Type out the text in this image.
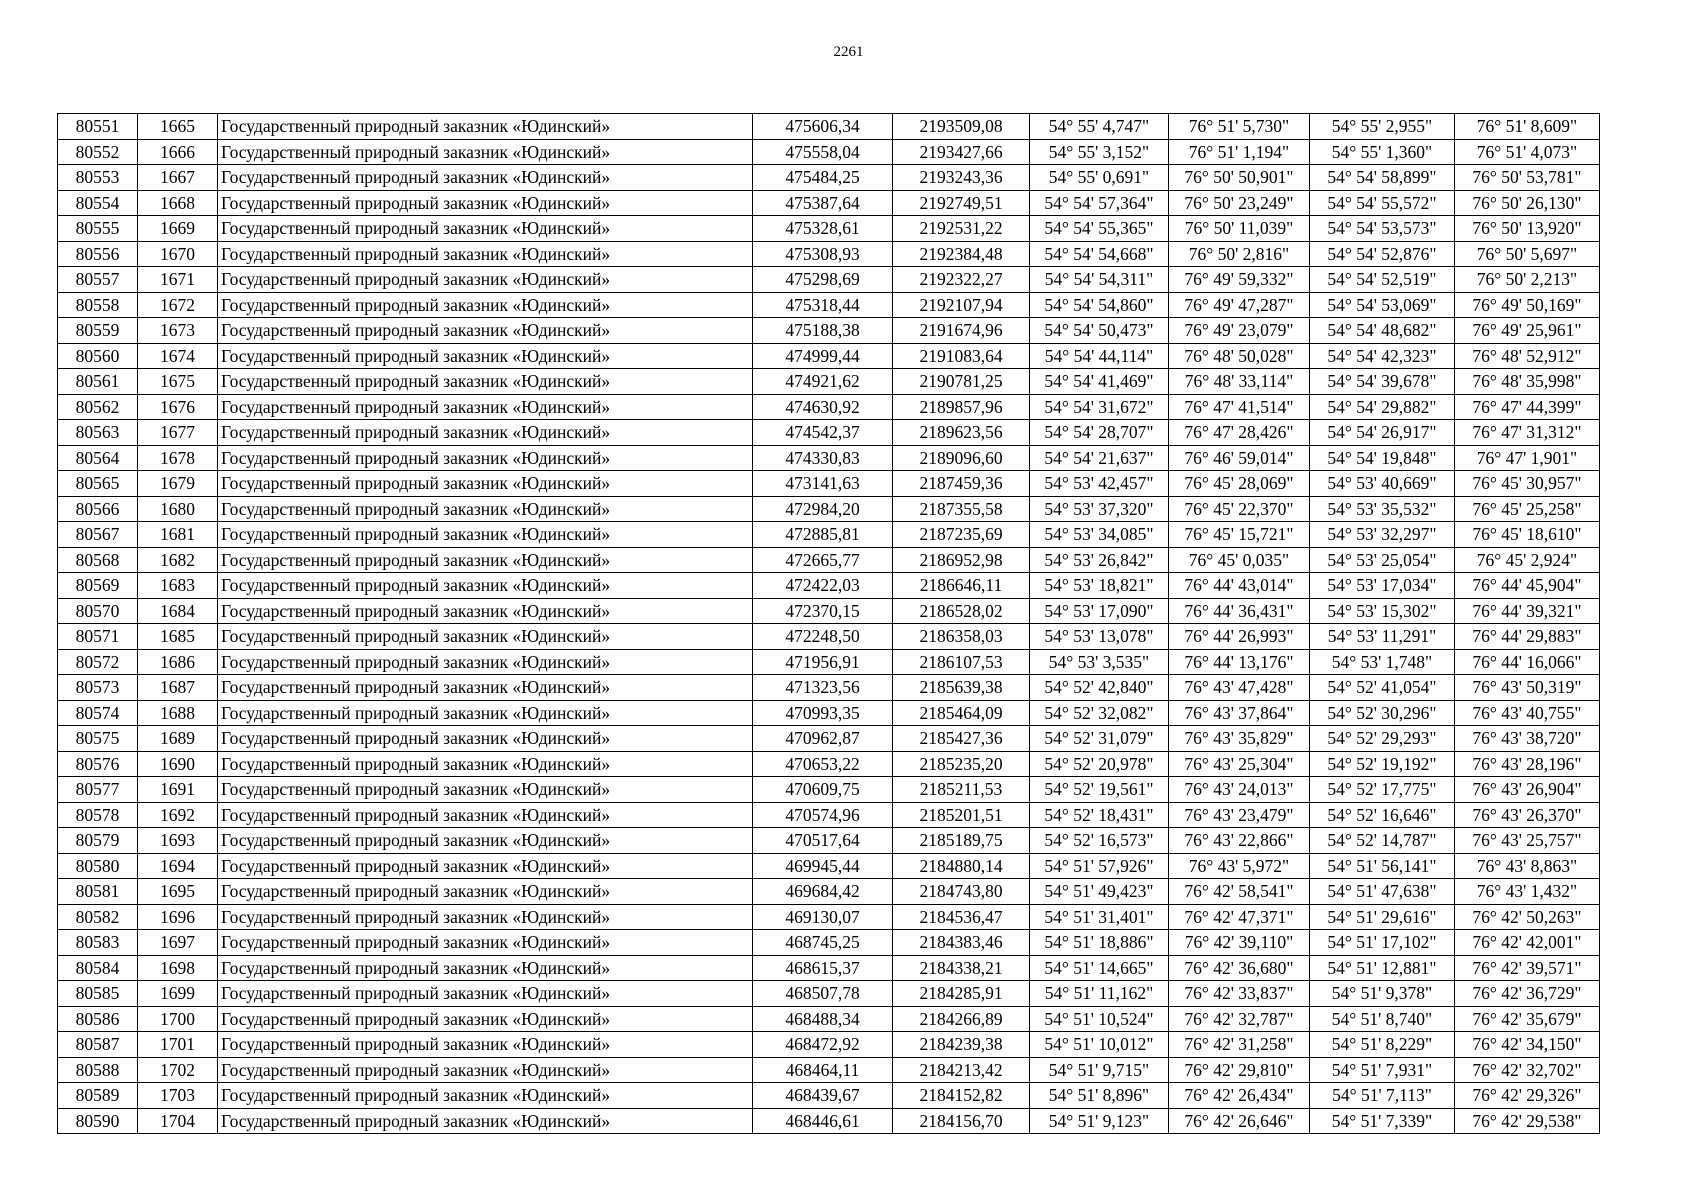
2261
80551	1665	Государственный природный заказник «Юдинский»	475606,34	2193509,08	54° 55' 4,747"	76° 51' 5,730"	54° 55' 2,955"	76° 51' 8,609"
80552	1666	Государственный природный заказник «Юдинский»	475558,04	2193427,66	54° 55' 3,152"	76° 51' 1,194"	54° 55' 1,360"	76° 51' 4,073"
80553	1667	Государственный природный заказник «Юдинский»	475484,25	2193243,36	54° 55' 0,691"	76° 50' 50,901"	54° 54' 58,899"	76° 50' 53,781"
80554	1668	Государственный природный заказник «Юдинский»	475387,64	2192749,51	54° 54' 57,364"	76° 50' 23,249"	54° 54' 55,572"	76° 50' 26,130"
80555	1669	Государственный природный заказник «Юдинский»	475328,61	2192531,22	54° 54' 55,365"	76° 50' 11,039"	54° 54' 53,573"	76° 50' 13,920"
80556	1670	Государственный природный заказник «Юдинский»	475308,93	2192384,48	54° 54' 54,668"	76° 50' 2,816"	54° 54' 52,876"	76° 50' 5,697"
80557	1671	Государственный природный заказник «Юдинский»	475298,69	2192322,27	54° 54' 54,311"	76° 49' 59,332"	54° 54' 52,519"	76° 50' 2,213"
80558	1672	Государственный природный заказник «Юдинский»	475318,44	2192107,94	54° 54' 54,860"	76° 49' 47,287"	54° 54' 53,069"	76° 49' 50,169"
80559	1673	Государственный природный заказник «Юдинский»	475188,38	2191674,96	54° 54' 50,473"	76° 49' 23,079"	54° 54' 48,682"	76° 49' 25,961"
80560	1674	Государственный природный заказник «Юдинский»	474999,44	2191083,64	54° 54' 44,114"	76° 48' 50,028"	54° 54' 42,323"	76° 48' 52,912"
80561	1675	Государственный природный заказник «Юдинский»	474921,62	2190781,25	54° 54' 41,469"	76° 48' 33,114"	54° 54' 39,678"	76° 48' 35,998"
80562	1676	Государственный природный заказник «Юдинский»	474630,92	2189857,96	54° 54' 31,672"	76° 47' 41,514"	54° 54' 29,882"	76° 47' 44,399"
80563	1677	Государственный природный заказник «Юдинский»	474542,37	2189623,56	54° 54' 28,707"	76° 47' 28,426"	54° 54' 26,917"	76° 47' 31,312"
80564	1678	Государственный природный заказник «Юдинский»	474330,83	2189096,60	54° 54' 21,637"	76° 46' 59,014"	54° 54' 19,848"	76° 47' 1,901"
80565	1679	Государственный природный заказник «Юдинский»	473141,63	2187459,36	54° 53' 42,457"	76° 45' 28,069"	54° 53' 40,669"	76° 45' 30,957"
80566	1680	Государственный природный заказник «Юдинский»	472984,20	2187355,58	54° 53' 37,320"	76° 45' 22,370"	54° 53' 35,532"	76° 45' 25,258"
80567	1681	Государственный природный заказник «Юдинский»	472885,81	2187235,69	54° 53' 34,085"	76° 45' 15,721"	54° 53' 32,297"	76° 45' 18,610"
80568	1682	Государственный природный заказник «Юдинский»	472665,77	2186952,98	54° 53' 26,842"	76° 45' 0,035"	54° 53' 25,054"	76° 45' 2,924"
80569	1683	Государственный природный заказник «Юдинский»	472422,03	2186646,11	54° 53' 18,821"	76° 44' 43,014"	54° 53' 17,034"	76° 44' 45,904"
80570	1684	Государственный природный заказник «Юдинский»	472370,15	2186528,02	54° 53' 17,090"	76° 44' 36,431"	54° 53' 15,302"	76° 44' 39,321"
80571	1685	Государственный природный заказник «Юдинский»	472248,50	2186358,03	54° 53' 13,078"	76° 44' 26,993"	54° 53' 11,291"	76° 44' 29,883"
80572	1686	Государственный природный заказник «Юдинский»	471956,91	2186107,53	54° 53' 3,535"	76° 44' 13,176"	54° 53' 1,748"	76° 44' 16,066"
80573	1687	Государственный природный заказник «Юдинский»	471323,56	2185639,38	54° 52' 42,840"	76° 43' 47,428"	54° 52' 41,054"	76° 43' 50,319"
80574	1688	Государственный природный заказник «Юдинский»	470993,35	2185464,09	54° 52' 32,082"	76° 43' 37,864"	54° 52' 30,296"	76° 43' 40,755"
80575	1689	Государственный природный заказник «Юдинский»	470962,87	2185427,36	54° 52' 31,079"	76° 43' 35,829"	54° 52' 29,293"	76° 43' 38,720"
80576	1690	Государственный природный заказник «Юдинский»	470653,22	2185235,20	54° 52' 20,978"	76° 43' 25,304"	54° 52' 19,192"	76° 43' 28,196"
80577	1691	Государственный природный заказник «Юдинский»	470609,75	2185211,53	54° 52' 19,561"	76° 43' 24,013"	54° 52' 17,775"	76° 43' 26,904"
80578	1692	Государственный природный заказник «Юдинский»	470574,96	2185201,51	54° 52' 18,431"	76° 43' 23,479"	54° 52' 16,646"	76° 43' 26,370"
80579	1693	Государственный природный заказник «Юдинский»	470517,64	2185189,75	54° 52' 16,573"	76° 43' 22,866"	54° 52' 14,787"	76° 43' 25,757"
80580	1694	Государственный природный заказник «Юдинский»	469945,44	2184880,14	54° 51' 57,926"	76° 43' 5,972"	54° 51' 56,141"	76° 43' 8,863"
80581	1695	Государственный природный заказник «Юдинский»	469684,42	2184743,80	54° 51' 49,423"	76° 42' 58,541"	54° 51' 47,638"	76° 43' 1,432"
80582	1696	Государственный природный заказник «Юдинский»	469130,07	2184536,47	54° 51' 31,401"	76° 42' 47,371"	54° 51' 29,616"	76° 42' 50,263"
80583	1697	Государственный природный заказник «Юдинский»	468745,25	2184383,46	54° 51' 18,886"	76° 42' 39,110"	54° 51' 17,102"	76° 42' 42,001"
80584	1698	Государственный природный заказник «Юдинский»	468615,37	2184338,21	54° 51' 14,665"	76° 42' 36,680"	54° 51' 12,881"	76° 42' 39,571"
80585	1699	Государственный природный заказник «Юдинский»	468507,78	2184285,91	54° 51' 11,162"	76° 42' 33,837"	54° 51' 9,378"	76° 42' 36,729"
80586	1700	Государственный природный заказник «Юдинский»	468488,34	2184266,89	54° 51' 10,524"	76° 42' 32,787"	54° 51' 8,740"	76° 42' 35,679"
80587	1701	Государственный природный заказник «Юдинский»	468472,92	2184239,38	54° 51' 10,012"	76° 42' 31,258"	54° 51' 8,229"	76° 42' 34,150"
80588	1702	Государственный природный заказник «Юдинский»	468464,11	2184213,42	54° 51' 9,715"	76° 42' 29,810"	54° 51' 7,931"	76° 42' 32,702"
80589	1703	Государственный природный заказник «Юдинский»	468439,67	2184152,82	54° 51' 8,896"	76° 42' 26,434"	54° 51' 7,113"	76° 42' 29,326"
80590	1704	Государственный природный заказник «Юдинский»	468446,61	2184156,70	54° 51' 9,123"	76° 42' 26,646"	54° 51' 7,339"	76° 42' 29,538"
